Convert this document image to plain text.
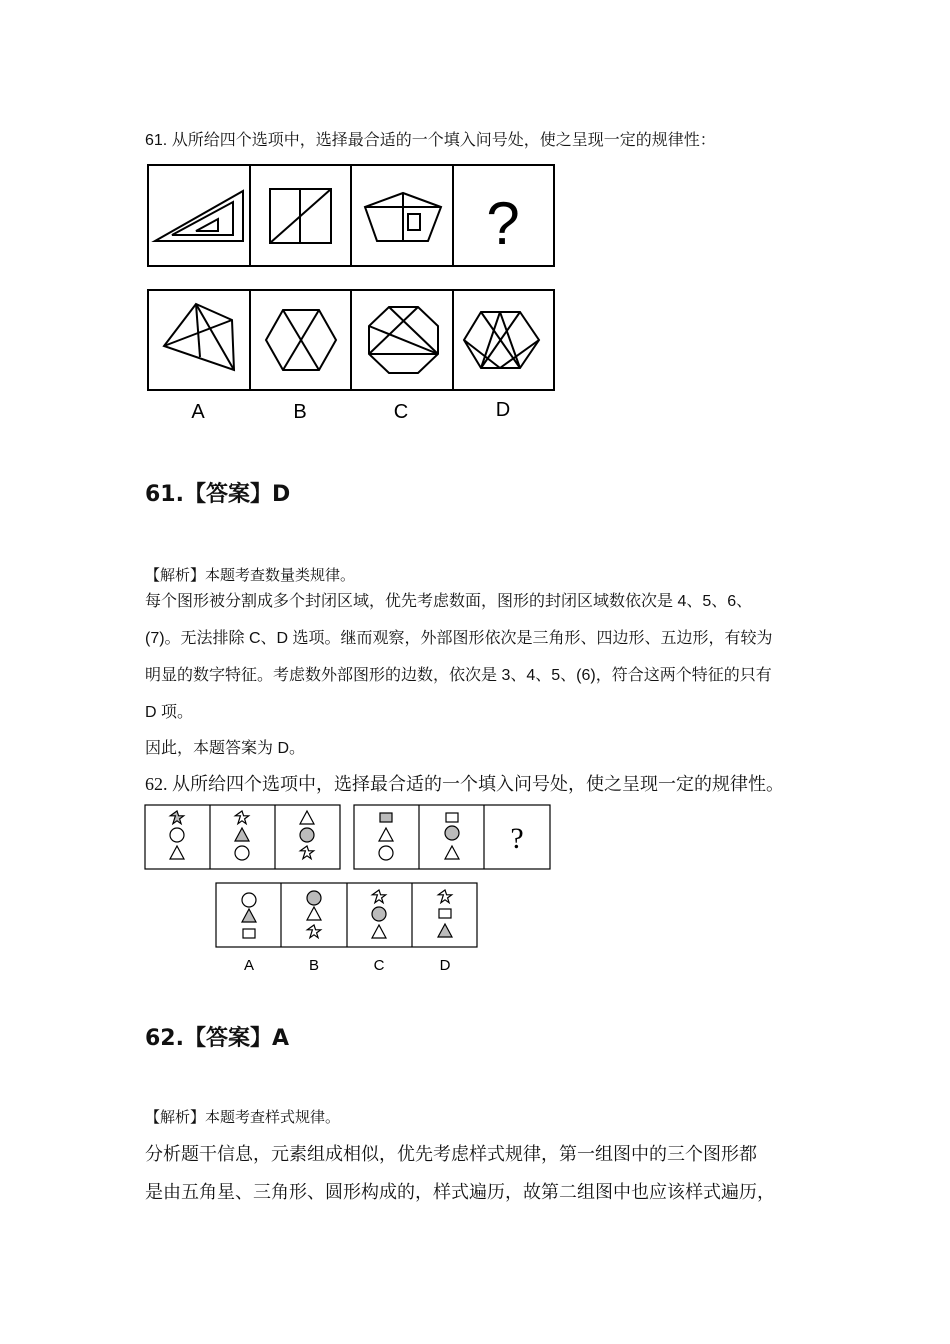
61. 从所给四个选项中，选择最合适的一个填入问号处，使之呈现一定的规律性：
?
A	B	C	D
61.【答案】D
【解析】本题考查数量类规律。
每个图形被分割成多个封闭区域，优先考虑数面，图形的封闭区域数依次是 4、5、6、
(7)。无法排除 C、D 选项。继而观察，外部图形依次是三角形、四边形、五边形，有较为
明显的数字特征。考虑数外部图形的边数，依次是 3、4、5、(6)，符合这两个特征的只有
D 项。
因此，本题答案为 D。
62. 从所给四个选项中，选择最合适的一个填入问号处，使之呈现一定的规律性。
?
A	B	C	D
62.【答案】A
【解析】本题考查样式规律。
分析题干信息，元素组成相似，优先考虑样式规律，第一组图中的三个图形都
是由五角星、三角形、圆形构成的，样式遍历，故第二组图中也应该样式遍历，
